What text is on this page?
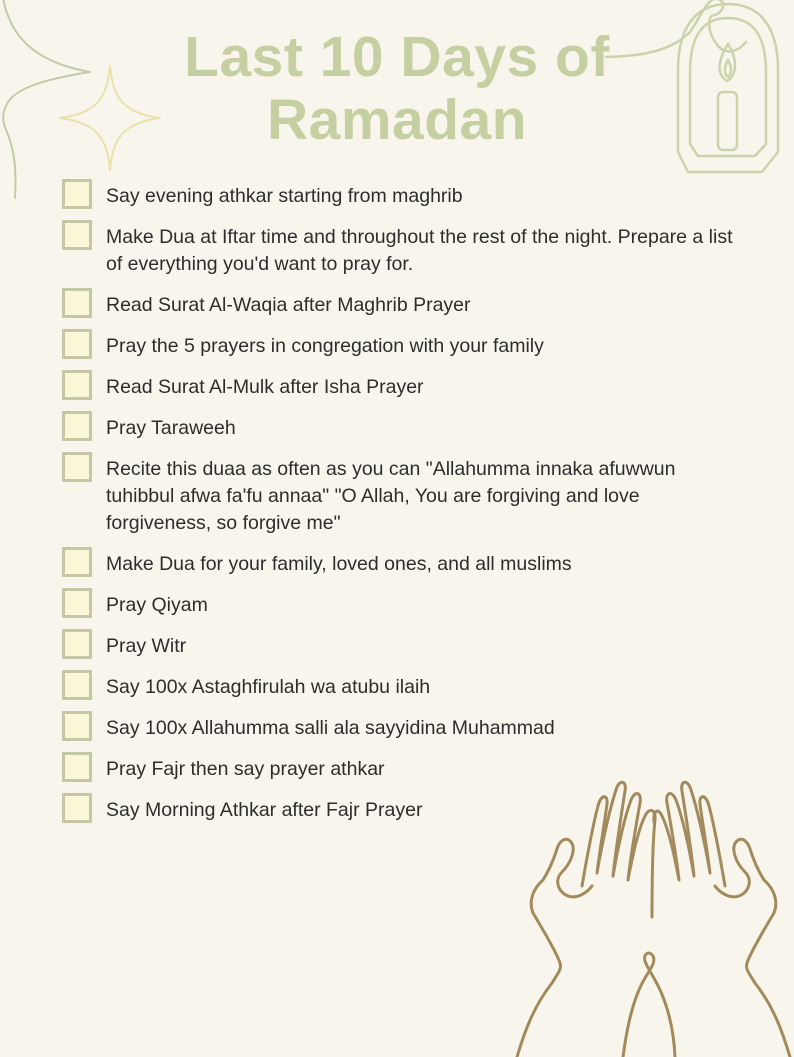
Last 10 Days of
Ramadan
Say evening athkar starting from maghrib
Make Dua at Iftar time and throughout the rest of the night. Prepare a list of everything you'd want to pray for.
Read Surat Al-Waqia after Maghrib Prayer
Pray the 5 prayers in congregation with your family
Read Surat Al-Mulk after Isha Prayer
Pray Taraweeh
Recite this duaa as often as you can "Allahumma innaka afuwwun tuhibbul afwa fa'fu annaa" "O Allah, You are forgiving and love forgiveness, so forgive me"
Make Dua for your family, loved ones, and all muslims
Pray Qiyam
Pray Witr
Say 100x Astaghfirulah wa atubu ilaih
Say 100x Allahumma salli ala sayyidina Muhammad
Pray Fajr then say prayer athkar
Say Morning Athkar after Fajr Prayer
